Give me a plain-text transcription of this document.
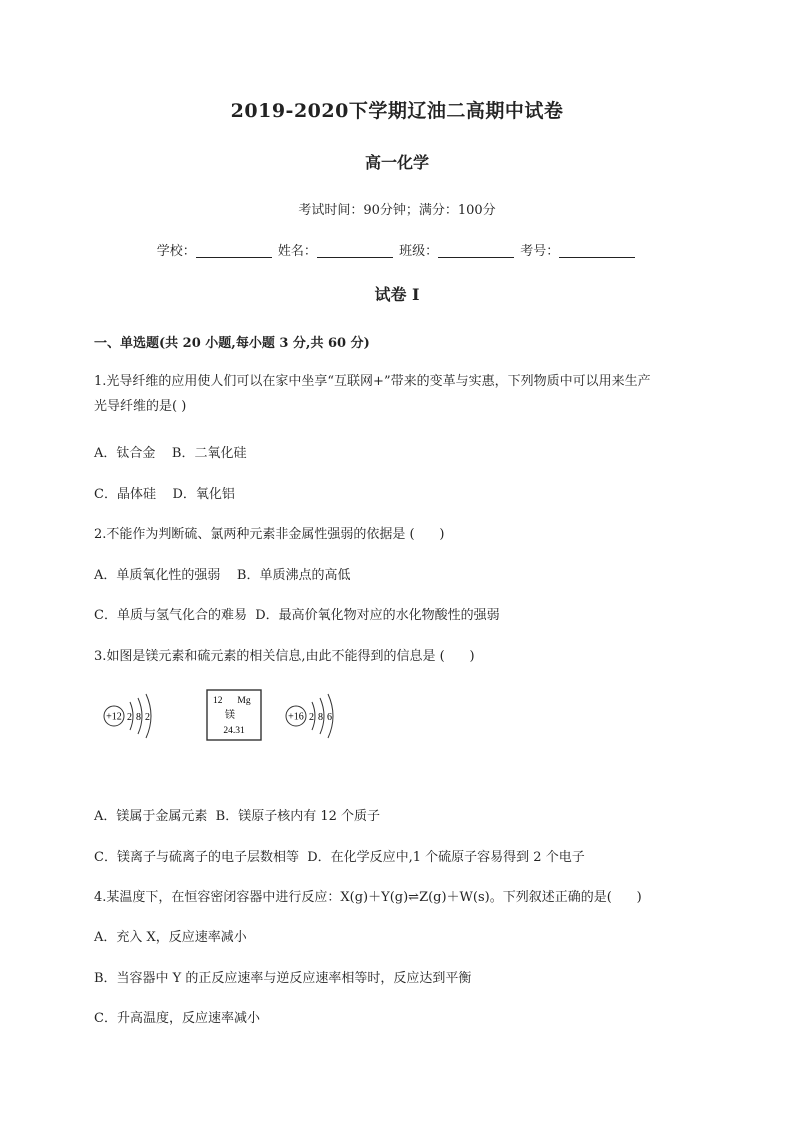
2019-2020下学期辽油二高期中试卷
高一化学
考试时间：90分钟；满分：100分
学校：	姓名：	班级：	考号：
试卷 I
一、单选题(共 20 小题,每小题 3 分,共 60 分)
1.光导纤维的应用使人们可以在家中坐享“互联网+”带来的变革与实惠，下列物质中可以用来生产
光导纤维的是( )
A．钛合金    B．二氧化硅
C．晶体硅    D．氧化铝
2.不能作为判断硫、氯两种元素非金属性强弱的依据是 (      )
A．单质氧化性的强弱    B．单质沸点的高低
C．单质与氢气化合的难易  D．最高价氧化物对应的水化物酸性的强弱
3.如图是镁元素和硫元素的相关信息,由此不能得到的信息是 (      )
+12 2 8 2
12 Mg
镁
24.31
+16 2 8 6
A．镁属于金属元素  B．镁原子核内有 12 个质子
C．镁离子与硫离子的电子层数相等  D．在化学反应中,1 个硫原子容易得到 2 个电子
4.某温度下，在恒容密闭容器中进行反应：X(g)＋Y(g)⇌Z(g)＋W(s)。下列叙述正确的是(      )
A．充入 X，反应速率减小
B．当容器中 Y 的正反应速率与逆反应速率相等时，反应达到平衡
C．升高温度，反应速率减小
